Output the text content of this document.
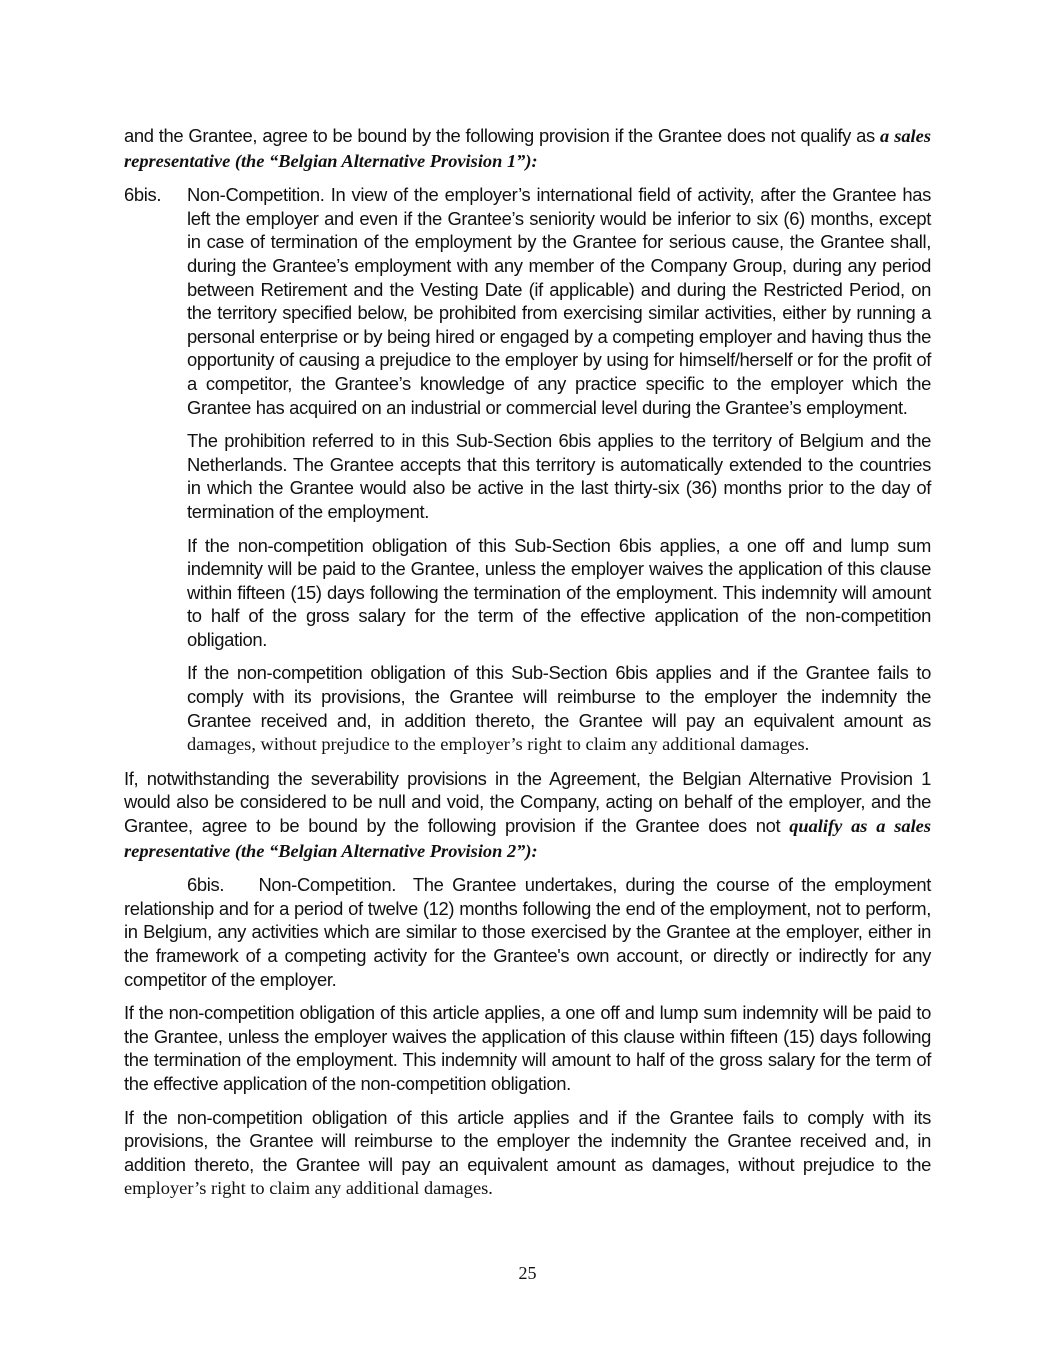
and the Grantee, agree to be bound by the following provision if the Grantee does not qualify as a sales representative (the “Belgian Alternative Provision 1”):

6bis. Non-Competition. In view of the employer’s international field of activity, after the Grantee has left the employer and even if the Grantee’s seniority would be inferior to six (6) months, except in case of termination of the employment by the Grantee for serious cause, the Grantee shall, during the Grantee’s employment with any member of the Company Group, during any period between Retirement and the Vesting Date (if applicable) and during the Restricted Period, on the territory specified below, be prohibited from exercising similar activities, either by running a personal enterprise or by being hired or engaged by a competing employer and having thus the opportunity of causing a prejudice to the employer by using for himself/herself or for the profit of a competitor, the Grantee’s knowledge of any practice specific to the employer which the Grantee has acquired on an industrial or commercial level during the Grantee’s employment.

The prohibition referred to in this Sub-Section 6bis applies to the territory of Belgium and the Netherlands. The Grantee accepts that this territory is automatically extended to the countries in which the Grantee would also be active in the last thirty-six (36) months prior to the day of termination of the employment.

If the non-competition obligation of this Sub-Section 6bis applies, a one off and lump sum indemnity will be paid to the Grantee, unless the employer waives the application of this clause within fifteen (15) days following the termination of the employment. This indemnity will amount to half of the gross salary for the term of the effective application of the non-competition obligation.

If the non-competition obligation of this Sub-Section 6bis applies and if the Grantee fails to comply with its provisions, the Grantee will reimburse to the employer the indemnity the Grantee received and, in addition thereto, the Grantee will pay an equivalent amount as damages, without prejudice to the employer’s right to claim any additional damages.

If, notwithstanding the severability provisions in the Agreement, the Belgian Alternative Provision 1 would also be considered to be null and void, the Company, acting on behalf of the employer, and the Grantee, agree to be bound by the following provision if the Grantee does not qualify as a sales representative (the “Belgian Alternative Provision 2”):

6bis. Non-Competition. The Grantee undertakes, during the course of the employment relationship and for a period of twelve (12) months following the end of the employment, not to perform, in Belgium, any activities which are similar to those exercised by the Grantee at the employer, either in the framework of a competing activity for the Grantee's own account, or directly or indirectly for any competitor of the employer.

If the non-competition obligation of this article applies, a one off and lump sum indemnity will be paid to the Grantee, unless the employer waives the application of this clause within fifteen (15) days following the termination of the employment. This indemnity will amount to half of the gross salary for the term of the effective application of the non-competition obligation.

If the non-competition obligation of this article applies and if the Grantee fails to comply with its provisions, the Grantee will reimburse to the employer the indemnity the Grantee received and, in addition thereto, the Grantee will pay an equivalent amount as damages, without prejudice to the employer’s right to claim any additional damages.

25
